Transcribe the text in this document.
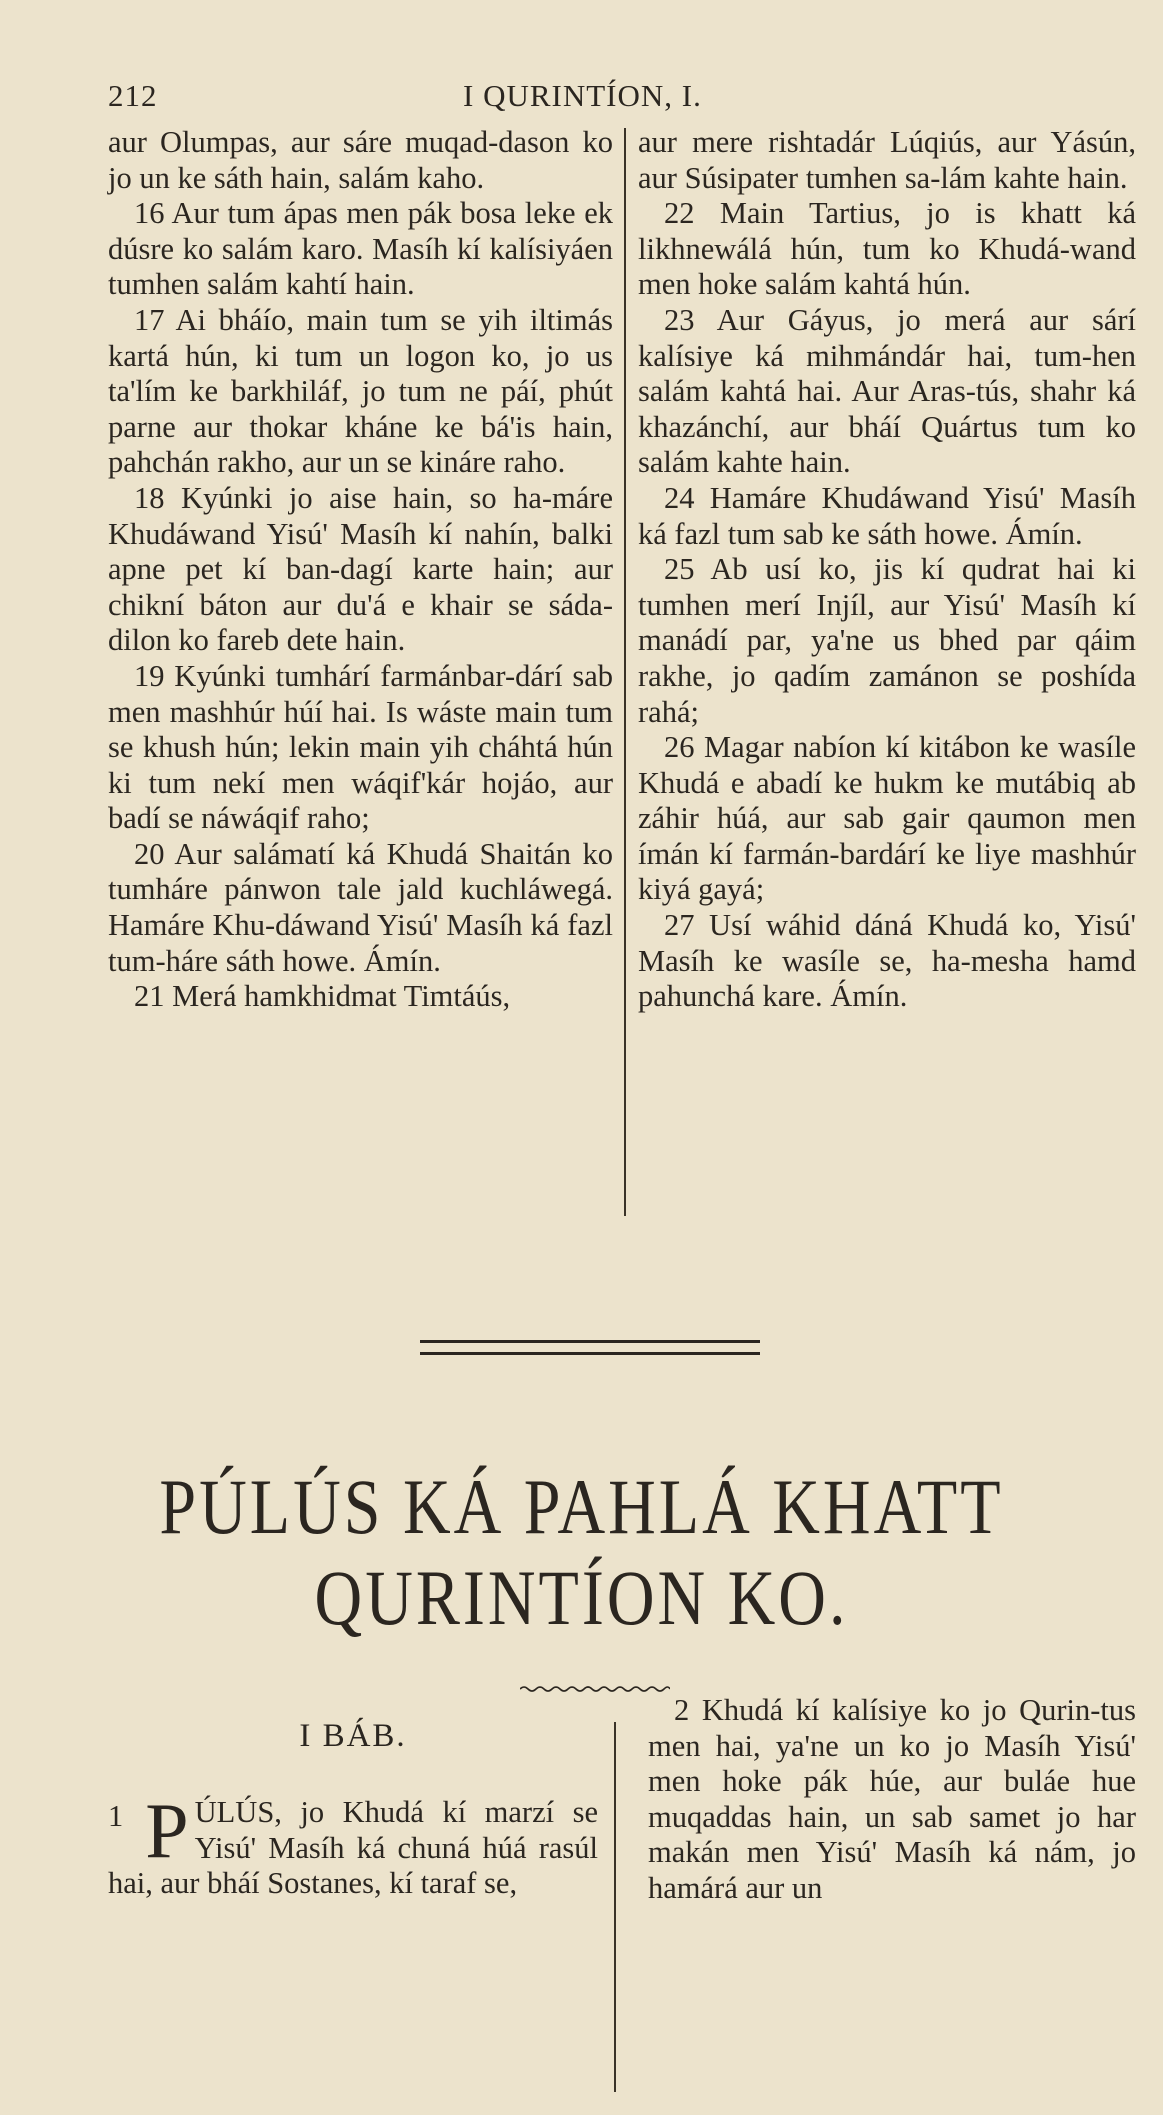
212	I QURINTÍON, I.

aur Olumpas, aur sáre muqad-dason ko jo un ke sáth hain, salám kaho.

16 Aur tum ápas men pák bosa leke ek dúsre ko salám karo. Masíh kí kalísiyáen tumhen salám kahtí hain.

17 Ai bháío, main tum se yih iltimás kartá hún, ki tum un logon ko, jo us ta'lím ke barkhiláf, jo tum ne páí, phút parne aur thokar kháne ke bá'is hain, pahchán rakho, aur un se kináre raho.

18 Kyúnki jo aise hain, so ha-máre Khudáwand Yisú' Masíh kí nahín, balki apne pet kí ban-dagí karte hain; aur chikní báton aur du'á e khair se sáda-dilon ko fareb dete hain.

19 Kyúnki tumhárí farmánbar-dárí sab men mashhúr húí hai. Is wáste main tum se khush hún; lekin main yih cháhtá hún ki tum nekí men wáqif'kár hojáo, aur badí se náwáqif raho;

20 Aur salámatí ká Khudá Shaitán ko tumháre pánwon tale jald kuchláwegá. Hamáre Khu-dáwand Yisú' Masíh ká fazl tum-háre sáth howe. Ámín.

21 Merá hamkhidmat Timtáús,

aur mere rishtadár Lúqiús, aur Yásún, aur Súsipater tumhen sa-lám kahte hain.

22 Main Tartius, jo is khatt ká likhnewálá hún, tum ko Khudá-wand men hoke salám kahtá hún.

23 Aur Gáyus, jo merá aur sárí kalísiye ká mihmándár hai, tum-hen salám kahtá hai. Aur Aras-tús, shahr ká khazánchí, aur bháí Quártus tum ko salám kahte hain.

24 Hamáre Khudáwand Yisú' Masíh ká fazl tum sab ke sáth howe. Ámín.

25 Ab usí ko, jis kí qudrat hai ki tumhen merí Injíl, aur Yisú' Masíh kí manádí par, ya'ne us bhed par qáim rakhe, jo qadím zamánon se poshída rahá;

26 Magar nabíon kí kitábon ke wasíle Khudá e abadí ke hukm ke mutábiq ab záhir húá, aur sab gair qaumon men ímán kí farmán-bardárí ke liye mashhúr kiyá gayá;

27 Usí wáhid dáná Khudá ko, Yisú' Masíh ke wasíle se, ha-mesha hamd pahunchá kare. Ámín.

PÚLÚS KÁ PAHLÁ KHATT
QURINTÍON KO.
I BÁB.

1 P ÚLÚS, jo Khudá kí marzí se Yisú' Masíh ká chuná húá rasúl hai, aur bháí Sostanes, kí taraf se,

2 Khudá kí kalísiye ko jo Qurin-tus men hai, ya'ne un ko jo Masíh Yisú' men hoke pák húe, aur buláe hue muqaddas hain, un sab samet jo har makán men Yisú' Masíh ká nám, jo hamárá aur un
